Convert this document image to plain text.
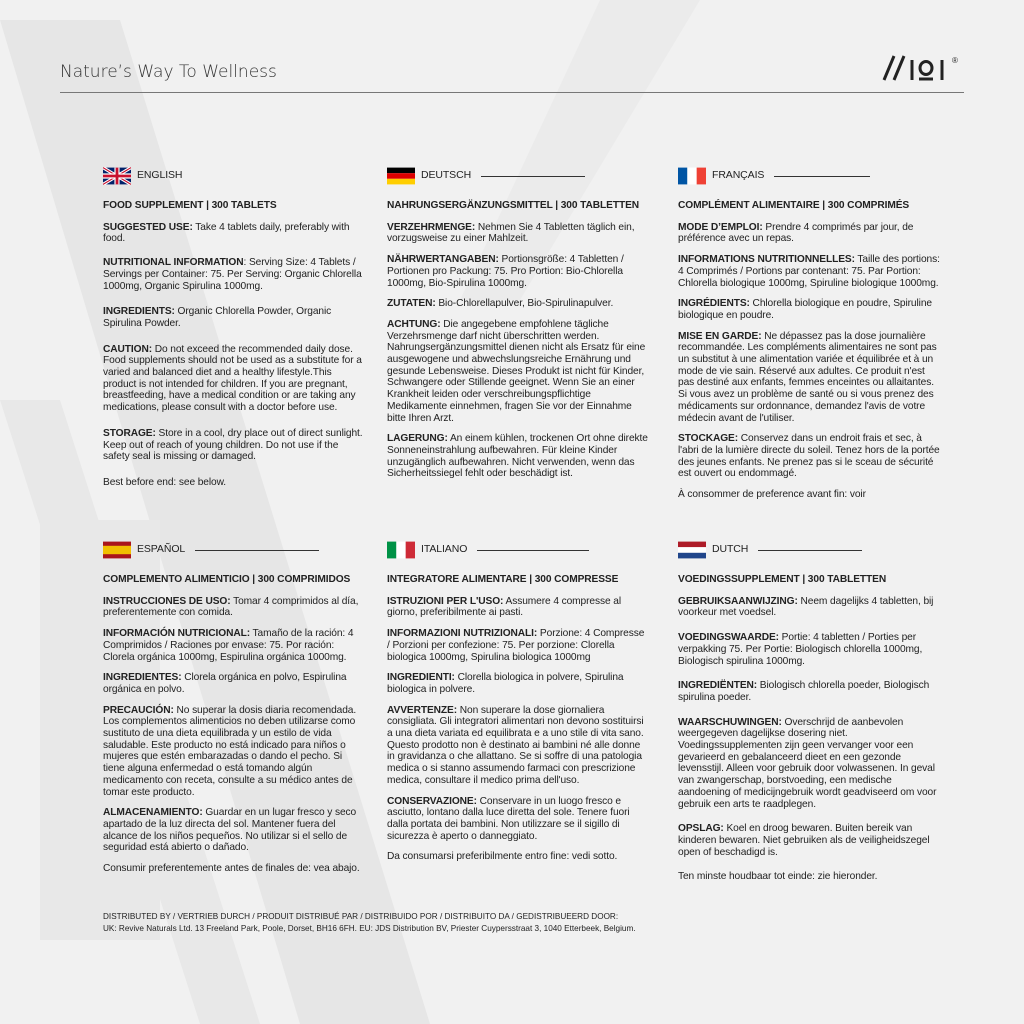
Nature’s Way To Wellness
®
ENGLISH
FOOD SUPPLEMENT | 300 TABLETS

SUGGESTED USE: Take 4 tablets daily, preferably with food.

NUTRITIONAL INFORMATION: Serving Size: 4 Tablets / Servings per Container: 75. Per Serving: Organic Chlorella 1000mg, Organic Spirulina 1000mg.

INGREDIENTS: Organic Chlorella Powder, Organic Spirulina Powder.

CAUTION: Do not exceed the recommended daily dose. Food supplements should not be used as a substitute for a varied and balanced diet and a healthy lifestyle.This product is not intended for children. If you are pregnant, breastfeeding, have a medical condition or are taking any medications, please consult with a doctor before use.

STORAGE: Store in a cool, dry place out of direct sunlight. Keep out of reach of young children. Do not use if the safety seal is missing or damaged.

Best before end: see below.

DEUTSCH
NAHRUNGSERGÄNZUNGSMITTEL | 300 TABLETTEN

VERZEHRMENGE: Nehmen Sie 4 Tabletten täglich ein, vorzugsweise zu einer Mahlzeit.

NÄHRWERTANGABEN: Portionsgröße: 4 Tabletten / Portionen pro Packung: 75. Pro Portion: Bio-Chlorella 1000mg, Bio-Spirulina 1000mg.

ZUTATEN: Bio-Chlorellapulver, Bio-Spirulinapulver.

ACHTUNG: Die angegebene empfohlene tägliche Verzehrsmenge darf nicht überschritten werden. Nahrungsergänzungsmittel dienen nicht als Ersatz für eine ausgewogene und abwechslungsreiche Ernährung und gesunde Lebensweise. Dieses Produkt ist nicht für Kinder, Schwangere oder Stillende geeignet. Wenn Sie an einer Krankheit leiden oder verschreibungspflichtige Medikamente einnehmen, fragen Sie vor der Einnahme bitte Ihren Arzt.

LAGERUNG: An einem kühlen, trockenen Ort ohne direkte Sonneneinstrahlung aufbewahren. Für kleine Kinder unzugänglich aufbewahren. Nicht verwenden, wenn das Sicherheitssiegel fehlt oder beschädigt ist.

FRANÇAIS
COMPLÉMENT ALIMENTAIRE | 300 COMPRIMÉS

MODE D’EMPLOI: Prendre 4 comprimés par jour, de préférence avec un repas.

INFORMATIONS NUTRITIONNELLES: Taille des portions: 4 Comprimés / Portions par contenant: 75. Par Portion: Chlorella biologique 1000mg, Spiruline biologique 1000mg.

INGRÉDIENTS: Chlorella biologique en poudre, Spiruline biologique en poudre.

MISE EN GARDE: Ne dépassez pas la dose journalière recommandée. Les compléments alimentaires ne sont pas un substitut à une alimentation variée et équilibrée et à un mode de vie sain. Réservé aux adultes. Ce produit n'est pas destiné aux enfants, femmes enceintes ou allaitantes. Si vous avez un problème de santé ou si vous prenez des médicaments sur ordonnance, demandez l'avis de votre médecin avant de l'utiliser.

STOCKAGE: Conservez dans un endroit frais et sec, à l'abri de la lumière directe du soleil. Tenez hors de la portée des jeunes enfants. Ne prenez pas si le sceau de sécurité est ouvert ou endommagé.

À consommer de preference avant fin: voir

ESPAÑOL
COMPLEMENTO ALIMENTICIO | 300 COMPRIMIDOS

INSTRUCCIONES DE USO: Tomar 4 comprimidos al día, preferentemente con comida.

INFORMACIÓN NUTRICIONAL: Tamaño de la ración: 4 Comprimidos / Raciones por envase: 75. Por ración: Clorela orgánica 1000mg, Espirulina orgánica 1000mg.

INGREDIENTES: Clorela orgánica en polvo, Espirulina orgánica en polvo.

PRECAUCIÓN: No superar la dosis diaria recomendada. Los complementos alimenticios no deben utilizarse como sustituto de una dieta equilibrada y un estilo de vida saludable. Este producto no está indicado para niños o mujeres que estén embarazadas o dando el pecho. Si tiene alguna enfermedad o está tomando algún medicamento con receta, consulte a su médico antes de tomar este producto.

ALMACENAMIENTO: Guardar en un lugar fresco y seco apartado de la luz directa del sol. Mantener fuera del alcance de los niños pequeños. No utilizar si el sello de seguridad está abierto o dañado.

Consumir preferentemente antes de finales de: vea abajo.

ITALIANO
INTEGRATORE ALIMENTARE | 300 COMPRESSE

ISTRUZIONI PER L'USO: Assumere 4 compresse al giorno, preferibilmente ai pasti.

INFORMAZIONI NUTRIZIONALI: Porzione: 4 Compresse / Porzioni per confezione: 75. Per porzione: Clorella biologica 1000mg, Spirulina biologica 1000mg

INGREDIENTI: Clorella biologica in polvere, Spirulina biologica in polvere.

AVVERTENZE: Non superare la dose giornaliera consigliata. Gli integratori alimentari non devono sostituirsi a una dieta variata ed equilibrata e a uno stile di vita sano. Questo prodotto non è destinato ai bambini né alle donne in gravidanza o che allattano. Se si soffre di una patologia medica o si stanno assumendo farmaci con prescrizione medica, consultare il medico prima dell'uso.

CONSERVAZIONE: Conservare in un luogo fresco e asciutto, lontano dalla luce diretta del sole. Tenere fuori dalla portata dei bambini. Non utilizzare se il sigillo di sicurezza è aperto o danneggiato.

Da consumarsi preferibilmente entro fine: vedi sotto.

DUTCH
VOEDINGSSUPPLEMENT | 300 TABLETTEN

GEBRUIKSAANWIJZING: Neem dagelijks 4 tabletten, bij voorkeur met voedsel.

VOEDINGSWAARDE: Portie: 4 tabletten / Porties per verpakking 75. Per Portie: Biologisch chlorella 1000mg, Biologisch spirulina 1000mg.

INGREDIËNTEN: Biologisch chlorella poeder, Biologisch spirulina poeder.

WAARSCHUWINGEN: Overschrijd de aanbevolen weergegeven dagelijkse dosering niet. Voedingssupplementen zijn geen vervanger voor een gevarieerd en gebalanceerd dieet en een gezonde levensstijl. Alleen voor gebruik door volwassenen. In geval van zwangerschap, borstvoeding, een medische aandoening of medicijngebruik wordt geadviseerd om voor gebruik een arts te raadplegen.

OPSLAG: Koel en droog bewaren. Buiten bereik van kinderen bewaren. Niet gebruiken als de veiligheidszegel open of beschadigd is.

Ten minste houdbaar tot einde: zie hieronder.

DISTRIBUTED BY / VERTRIEB DURCH / PRODUIT DISTRIBUÉ PAR / DISTRIBUIDO POR / DISTRIBUITO DA / GEDISTRIBUEERD DOOR:
UK: Revive Naturals Ltd. 13 Freeland Park, Poole, Dorset, BH16 6FH. EU: JDS Distribution BV, Priester Cuypersstraat 3, 1040 Etterbeek, Belgium.
